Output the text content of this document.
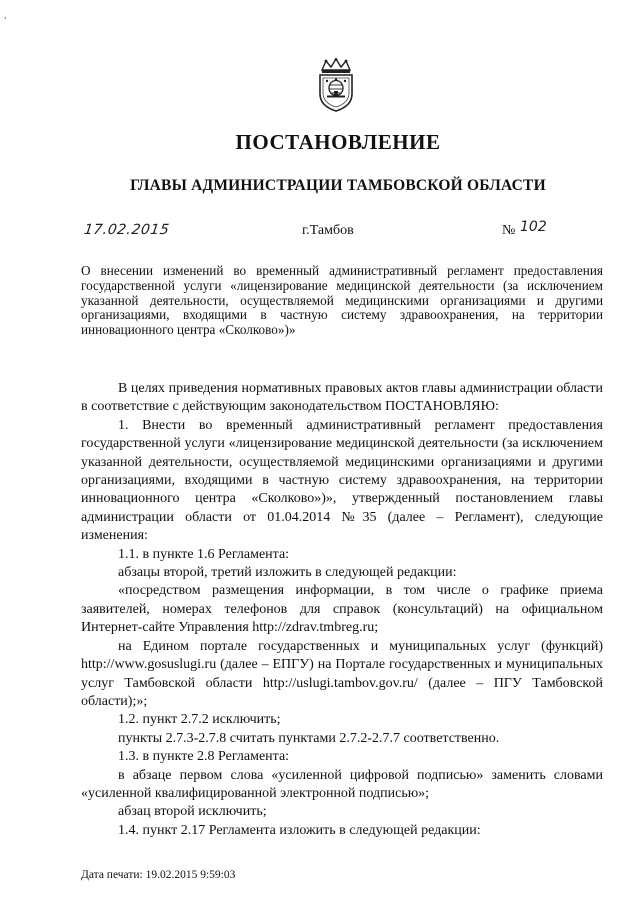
,
ПОСТАНОВЛЕНИЕ
ГЛАВЫ АДМИНИСТРАЦИИ ТАМБОВСКОЙ ОБЛАСТИ
17.02.2015	г.Тамбов	№ 102
О внесении изменений во временный административный регламент предоставления государственной услуги «лицензирование медицинской деятельности (за исключением указанной деятельности, осуществляемой медицинскими организациями и другими организациями, входящими в частную систему здравоохранения, на территории инновационного центра «Сколково»)»

В целях приведения нормативных правовых актов главы администрации области в соответствие с действующим законодательством ПОСТАНОВЛЯЮ:

1. Внести во временный административный регламент предоставления государственной услуги «лицензирование медицинской деятельности (за исключением указанной деятельности, осуществляемой медицинскими организациями и другими организациями, входящими в частную систему здравоохранения, на территории инновационного центра «Сколково»)», утвержденный постановлением главы администрации области от 01.04.2014 №35 (далее – Регламент), следующие изменения:

1.1. в пункте 1.6 Регламента:

абзацы второй, третий изложить в следующей редакции:

«посредством размещения информации, в том числе о графике приема заявителей, номерах телефонов для справок (консультаций) на официальном Интернет-сайте Управления http://zdrav.tmbreg.ru;

на Едином портале государственных и муниципальных услуг (функций) http://www.gosuslugi.ru (далее – ЕПГУ) на Портале государственных и муниципальных услуг Тамбовской области http://uslugi.tambov.gov.ru/ (далее – ПГУ Тамбовской области);»;

1.2. пункт 2.7.2 исключить;

пункты 2.7.3-2.7.8 считать пунктами 2.7.2-2.7.7 соответственно.

1.3. в пункте 2.8 Регламента:

в абзаце первом слова «усиленной цифровой подписью» заменить словами «усиленной квалифицированной электронной подписью»;

абзац второй исключить;

1.4. пункт 2.17 Регламента изложить в следующей редакции:

Дата печати: 19.02.2015 9:59:03
